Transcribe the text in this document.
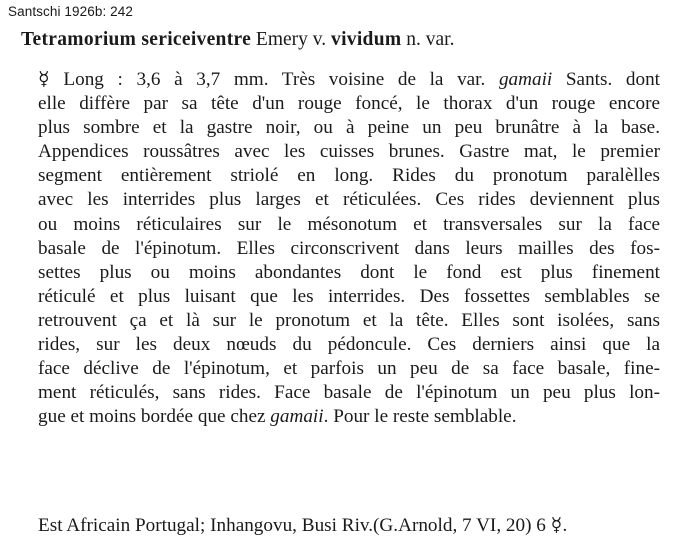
Santschi 1926b: 242
Tetramorium sericeiventre Emery v. vividum n. var.
☿ Long : 3,6 à 3,7 mm. Très voisine de la var. gamaii Sants. dont
elle diffère par sa tête d'un rouge foncé, le thorax d'un rouge encore
plus sombre et la gastre noir, ou à peine un peu brunâtre à la base.
Appendices roussâtres avec les cuisses brunes. Gastre mat, le premier
segment entièrement striolé en long. Rides du pronotum paralèlles
avec les interrides plus larges et réticulées. Ces rides deviennent plus
ou moins réticulaires sur le mésonotum et transversales sur la face
basale de l'épinotum. Elles circonscrivent dans leurs mailles des fos-
settes plus ou moins abondantes dont le fond est plus finement
réticulé et plus luisant que les interrides. Des fossettes semblables se
retrouvent ça et là sur le pronotum et la tête. Elles sont isolées, sans
rides, sur les deux nœuds du pédoncule. Ces derniers ainsi que la
face déclive de l'épinotum, et parfois un peu de sa face basale, fine-
ment réticulés, sans rides. Face basale de l'épinotum un peu plus lon-
gue et moins bordée que chez gamaii. Pour le reste semblable.
Est Africain Portugal; Inhangovu, Busi Riv.(G.Arnold, 7 VI, 20) 6 ☿.
